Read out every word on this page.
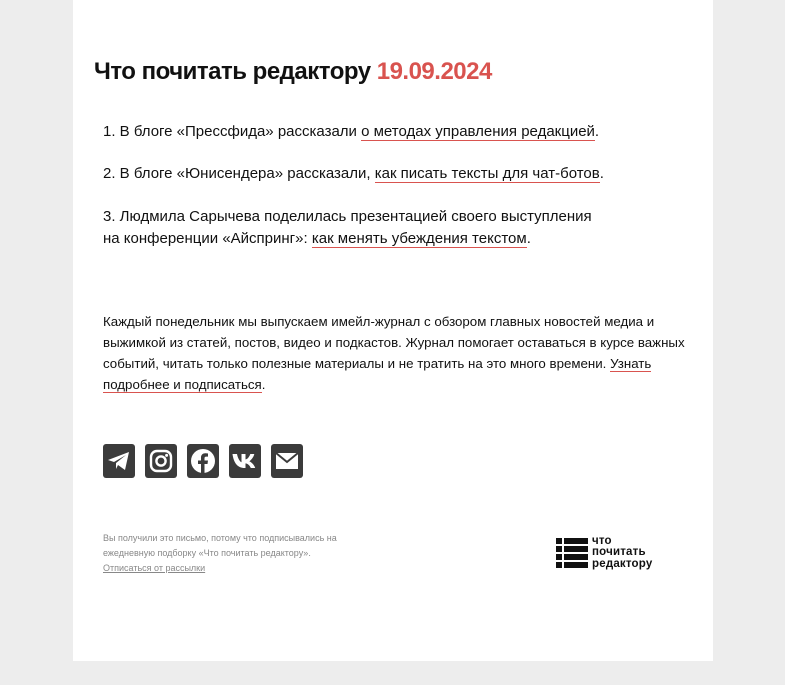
Что почитать редактору 19.09.2024
1. В блоге «Прессфида» рассказали о методах управления редакцией.
2. В блоге «Юнисендера» рассказали, как писать тексты для чат-ботов.
3. Людмила Сарычева поделилась презентацией своего выступления
на конференции «Айспринг»: как менять убеждения текстом.
Каждый понедельник мы выпускаем имейл-журнал с обзором главных новостей медиа и выжимкой из статей, постов, видео и подкастов. Журнал помогает оставаться в курсе важных событий, читать только полезные материалы и не тратить на это много времени. Узнать подробнее и подписаться.
Вы получили это письмо, потому что подписывались на ежедневную подборку «Что почитать редактору».
Отписаться от рассылки
что
почитать
редактору
